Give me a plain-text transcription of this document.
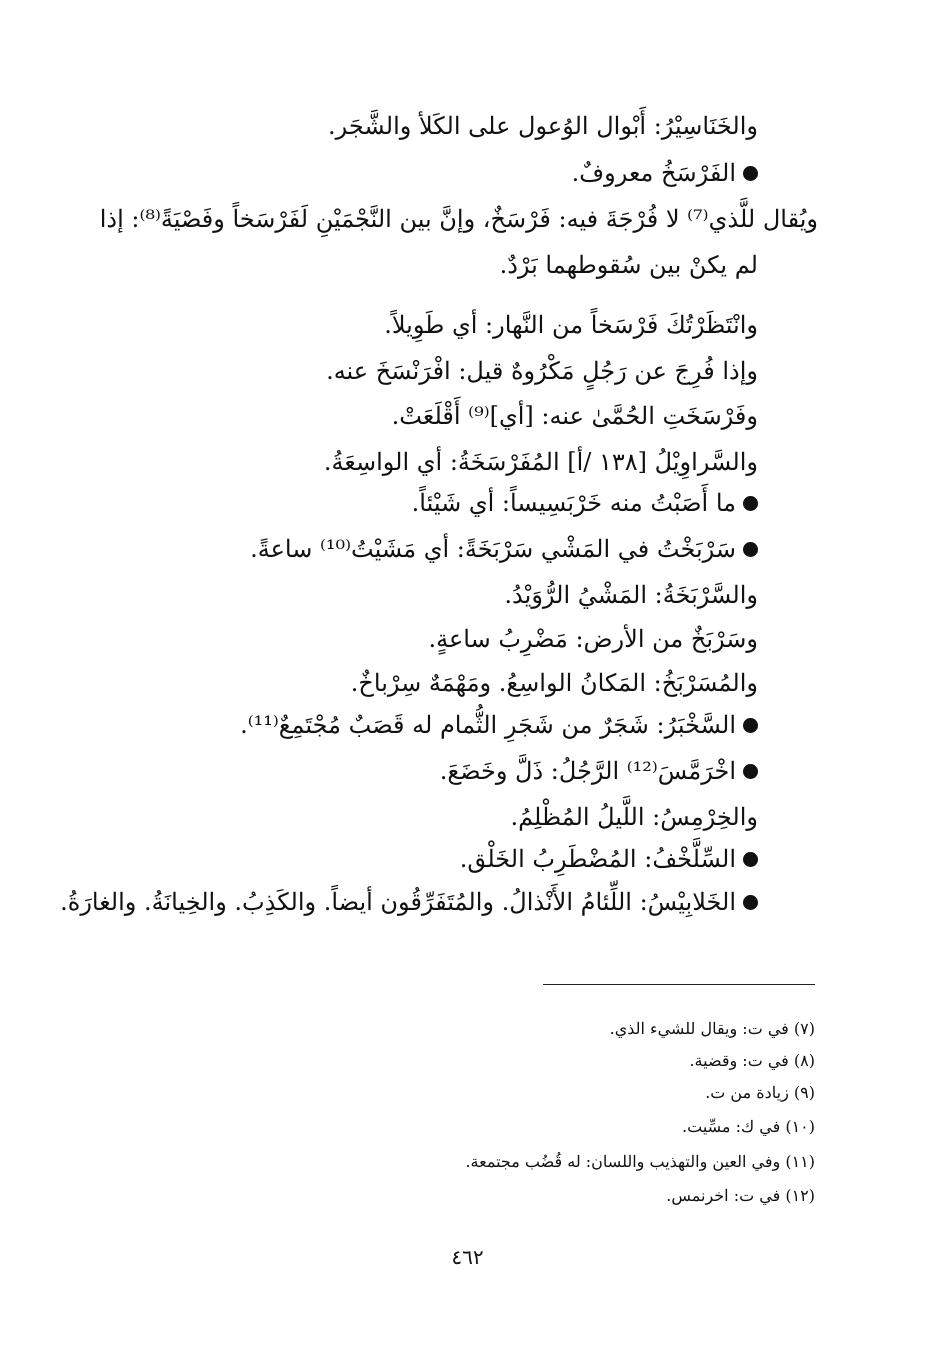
والخَنَاسِيْرُ: أَبْوال الوُعول على الكَلأ والشَّجَر.
الفَرْسَخُ معروفٌ.
ويُقال للَّذي⁽⁷⁾ لا فُرْجَةَ فيه: فَرْسَخٌ، وإنَّ بين النَّجْمَيْنِ لَفَرْسَخاً وفَصْيَةً⁽⁸⁾: إذا
لم يكنْ بين سُقوطهما بَرْدٌ.
وانْتَظَرْتُكَ فَرْسَخاً من النَّهار: أي طَوِيلاً.
وإذا فُرِجَ عن رَجُلٍ مَكْرُوهٌ قيل: افْرَنْسَخَ عنه.
وفَرْسَخَتِ الحُمَّىٰ عنه: [أي]⁽⁹⁾ أَقْلَعَتْ.
والسَّراوِيْلُ [١٣٨ /أ] المُفَرْسَخَةُ: أي الواسِعَةُ.
ما أَصَبْتُ منه خَرْبَسِيساً: أي شَيْئاً.
سَرْبَخْتُ في المَشْي سَرْبَخَةً: أي مَشَيْتُ⁽¹⁰⁾ ساعةً.
والسَّرْبَخَةُ: المَشْيُ الرُّوَيْدُ.
وسَرْبَخٌ من الأرض: مَضْرِبُ ساعةٍ.
والمُسَرْبَخُ: المَكانُ الواسِعُ. ومَهْمَهٌ سِرْباخٌ.
السَّخْبَرُ: شَجَرٌ من شَجَرِ الثُّمام له قَصَبٌ مُجْتَمِعٌ⁽¹¹⁾.
اخْرَمَّسَ⁽¹²⁾ الرَّجُلُ: ذَلَّ وخَضَعَ.
والخِرْمِسُ: اللَّيلُ المُظْلِمُ.
السِّلَّخْفُ: المُضْطَرِبُ الخَلْق.
الخَلابِيْسُ: اللِّئامُ الأَنْذالُ. والمُتَفَرِّقُون أيضاً. والكَذِبُ. والخِيانَةُ. والغارَةُ.
(٧) في ت: ويقال للشيء الذي.
(٨) في ت: وقضية.
(٩) زيادة من ت.
(١٠) في ك: مسِّيت.
(١١) وفي العين والتهذيب واللسان: له قُضُب مجتمعة.
(١٢) في ت: اخرنمس.
٤٦٢
